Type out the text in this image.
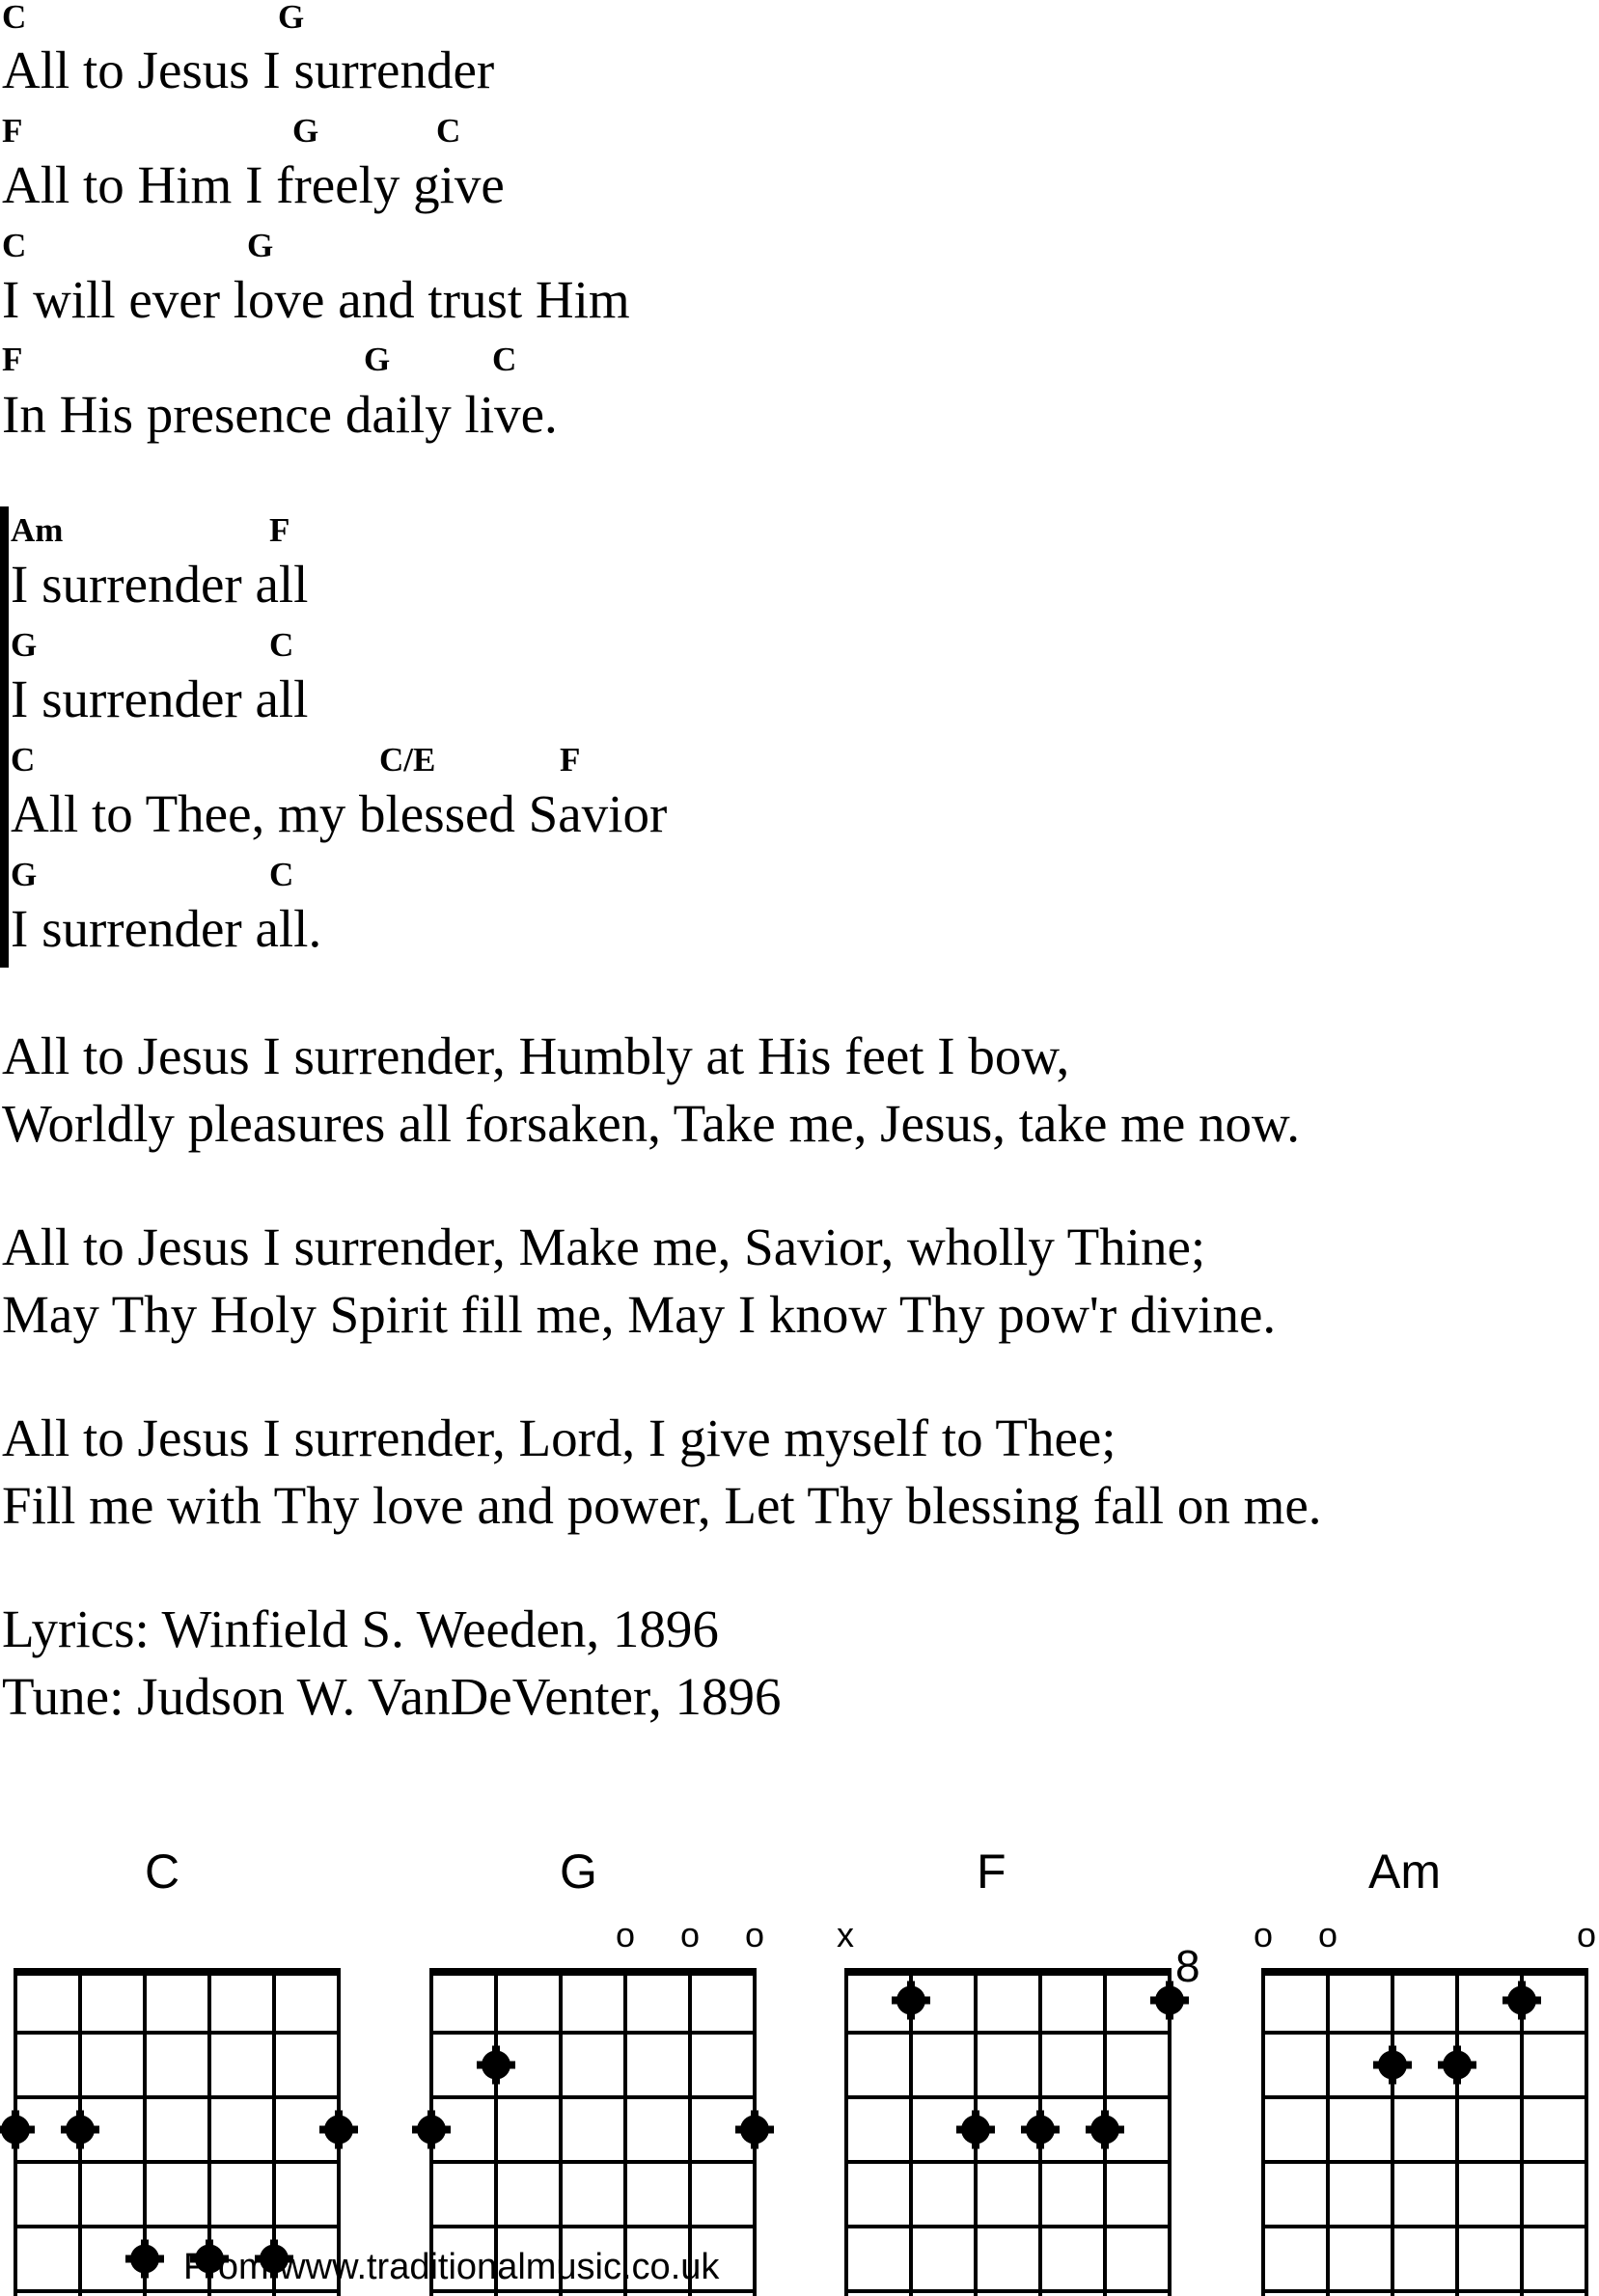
C	G
All to Jesus I surrender
F	G	C
All to Him I freely give
C	G
I will ever love and trust Him
F	G	C
In His presence daily live.
Am	F
I surrender all
G	C
I surrender all
C	C/E	F
All to Thee, my blessed Savior
G	C
I surrender all.
All to Jesus I surrender, Humbly at His feet I bow,
Worldly pleasures all forsaken, Take me, Jesus, take me now.
All to Jesus I surrender, Make me, Savior, wholly Thine;
May Thy Holy Spirit fill me, May I know Thy pow'r divine.
All to Jesus I surrender, Lord, I give myself to Thee;
Fill me with Thy love and power, Let Thy blessing fall on me.
Lyrics: Winfield S. Weeden, 1896
Tune: Judson W. VanDeVenter, 1896
C	G	F	Am
o o o x
8
o o	o
From www.traditionalmusic.co.uk
